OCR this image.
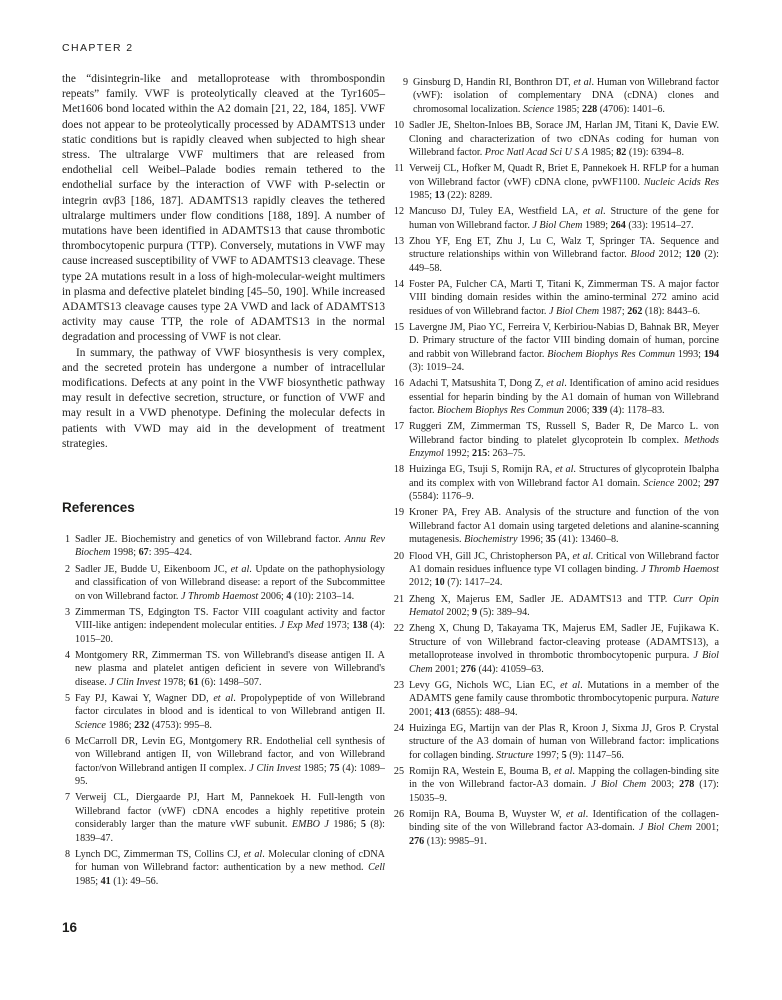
CHAPTER 2

the “disintegrin-like and metalloprotease with thrombospondin repeats” family. VWF is proteolytically cleaved at the Tyr1605–Met1606 bond located within the A2 domain [21, 22, 184, 185]. VWF does not appear to be proteolytically processed by ADAMTS13 under static conditions but is rapidly cleaved when subjected to high shear stress. The ultralarge VWF multimers that are released from endothelial cell Weibel–Palade bodies remain tethered to the endothelial surface by the interaction of VWF with P-selectin or integrin αvβ3 [186, 187]. ADAMTS13 rapidly cleaves the tethered ultralarge multimers under flow conditions [188, 189]. A number of mutations have been identified in ADAMTS13 that cause thrombotic thrombocytopenic purpura (TTP). Conversely, mutations in VWF may cause increased susceptibility of VWF to ADAMTS13 cleavage. These type 2A mutations result in a loss of high-molecular-weight multimers in plasma and defective platelet binding [45–50, 190]. While increased ADAMTS13 cleavage causes type 2A VWD and lack of ADAMTS13 activity may cause TTP, the role of ADAMTS13 in the normal degradation and processing of VWF is not clear.

In summary, the pathway of VWF biosynthesis is very complex, and the secreted protein has undergone a number of intracellular modifications. Defects at any point in the VWF biosynthetic pathway may result in defective secretion, structure, or function of VWF and may result in a VWD phenotype. Defining the molecular defects in patients with VWD may aid in the development of treatment strategies.

References
1 Sadler JE. Biochemistry and genetics of von Willebrand factor. Annu Rev Biochem 1998; 67: 395–424.
2 Sadler JE, Budde U, Eikenboom JC, et al. Update on the pathophysiology and classification of von Willebrand disease: a report of the Subcommittee on von Willebrand factor. J Thromb Haemost 2006; 4 (10): 2103–14.
3 Zimmerman TS, Edgington TS. Factor VIII coagulant activity and factor VIII-like antigen: independent molecular entities. J Exp Med 1973; 138 (4): 1015–20.
4 Montgomery RR, Zimmerman TS. von Willebrand's disease antigen II. A new plasma and platelet antigen deficient in severe von Willebrand's disease. J Clin Invest 1978; 61 (6): 1498–507.
5 Fay PJ, Kawai Y, Wagner DD, et al. Propolypeptide of von Willebrand factor circulates in blood and is identical to von Willebrand antigen II. Science 1986; 232 (4753): 995–8.
6 McCarroll DR, Levin EG, Montgomery RR. Endothelial cell synthesis of von Willebrand antigen II, von Willebrand factor, and von Willebrand factor/von Willebrand antigen II complex. J Clin Invest 1985; 75 (4): 1089–95.
7 Verweij CL, Diergaarde PJ, Hart M, Pannekoek H. Full-length von Willebrand factor (vWF) cDNA encodes a highly repetitive protein considerably larger than the mature vWF subunit. EMBO J 1986; 5 (8): 1839–47.
8 Lynch DC, Zimmerman TS, Collins CJ, et al. Molecular cloning of cDNA for human von Willebrand factor: authentication by a new method. Cell 1985; 41 (1): 49–56.
9 Ginsburg D, Handin RI, Bonthron DT, et al. Human von Willebrand factor (vWF): isolation of complementary DNA (cDNA) clones and chromosomal localization. Science 1985; 228 (4706): 1401–6.
10 Sadler JE, Shelton-Inloes BB, Sorace JM, Harlan JM, Titani K, Davie EW. Cloning and characterization of two cDNAs coding for human von Willebrand factor. Proc Natl Acad Sci U S A 1985; 82 (19): 6394–8.
11 Verweij CL, Hofker M, Quadt R, Briet E, Pannekoek H. RFLP for a human von Willebrand factor (vWF) cDNA clone, pvWF1100. Nucleic Acids Res 1985; 13 (22): 8289.
12 Mancuso DJ, Tuley EA, Westfield LA, et al. Structure of the gene for human von Willebrand factor. J Biol Chem 1989; 264 (33): 19514–27.
13 Zhou YF, Eng ET, Zhu J, Lu C, Walz T, Springer TA. Sequence and structure relationships within von Willebrand factor. Blood 2012; 120 (2): 449–58.
14 Foster PA, Fulcher CA, Marti T, Titani K, Zimmerman TS. A major factor VIII binding domain resides within the amino-terminal 272 amino acid residues of von Willebrand factor. J Biol Chem 1987; 262 (18): 8443–6.
15 Lavergne JM, Piao YC, Ferreira V, Kerbiriou-Nabias D, Bahnak BR, Meyer D. Primary structure of the factor VIII binding domain of human, porcine and rabbit von Willebrand factor. Biochem Biophys Res Commun 1993; 194 (3): 1019–24.
16 Adachi T, Matsushita T, Dong Z, et al. Identification of amino acid residues essential for heparin binding by the A1 domain of human von Willebrand factor. Biochem Biophys Res Commun 2006; 339 (4): 1178–83.
17 Ruggeri ZM, Zimmerman TS, Russell S, Bader R, De Marco L. von Willebrand factor binding to platelet glycoprotein Ib complex. Methods Enzymol 1992; 215: 263–75.
18 Huizinga EG, Tsuji S, Romijn RA, et al. Structures of glycoprotein Ibalpha and its complex with von Willebrand factor A1 domain. Science 2002; 297 (5584): 1176–9.
19 Kroner PA, Frey AB. Analysis of the structure and function of the von Willebrand factor A1 domain using targeted deletions and alanine-scanning mutagenesis. Biochemistry 1996; 35 (41): 13460–8.
20 Flood VH, Gill JC, Christopherson PA, et al. Critical von Willebrand factor A1 domain residues influence type VI collagen binding. J Thromb Haemost 2012; 10 (7): 1417–24.
21 Zheng X, Majerus EM, Sadler JE. ADAMTS13 and TTP. Curr Opin Hematol 2002; 9 (5): 389–94.
22 Zheng X, Chung D, Takayama TK, Majerus EM, Sadler JE, Fujikawa K. Structure of von Willebrand factor-cleaving protease (ADAMTS13), a metalloprotease involved in thrombotic thrombocytopenic purpura. J Biol Chem 2001; 276 (44): 41059–63.
23 Levy GG, Nichols WC, Lian EC, et al. Mutations in a member of the ADAMTS gene family cause thrombotic thrombocytopenic purpura. Nature 2001; 413 (6855): 488–94.
24 Huizinga EG, Martijn van der Plas R, Kroon J, Sixma JJ, Gros P. Crystal structure of the A3 domain of human von Willebrand factor: implications for collagen binding. Structure 1997; 5 (9): 1147–56.
25 Romijn RA, Westein E, Bouma B, et al. Mapping the collagen-binding site in the von Willebrand factor-A3 domain. J Biol Chem 2003; 278 (17): 15035–9.
26 Romijn RA, Bouma B, Wuyster W, et al. Identification of the collagen-binding site of the von Willebrand factor A3-domain. J Biol Chem 2001; 276 (13): 9985–91.
16
